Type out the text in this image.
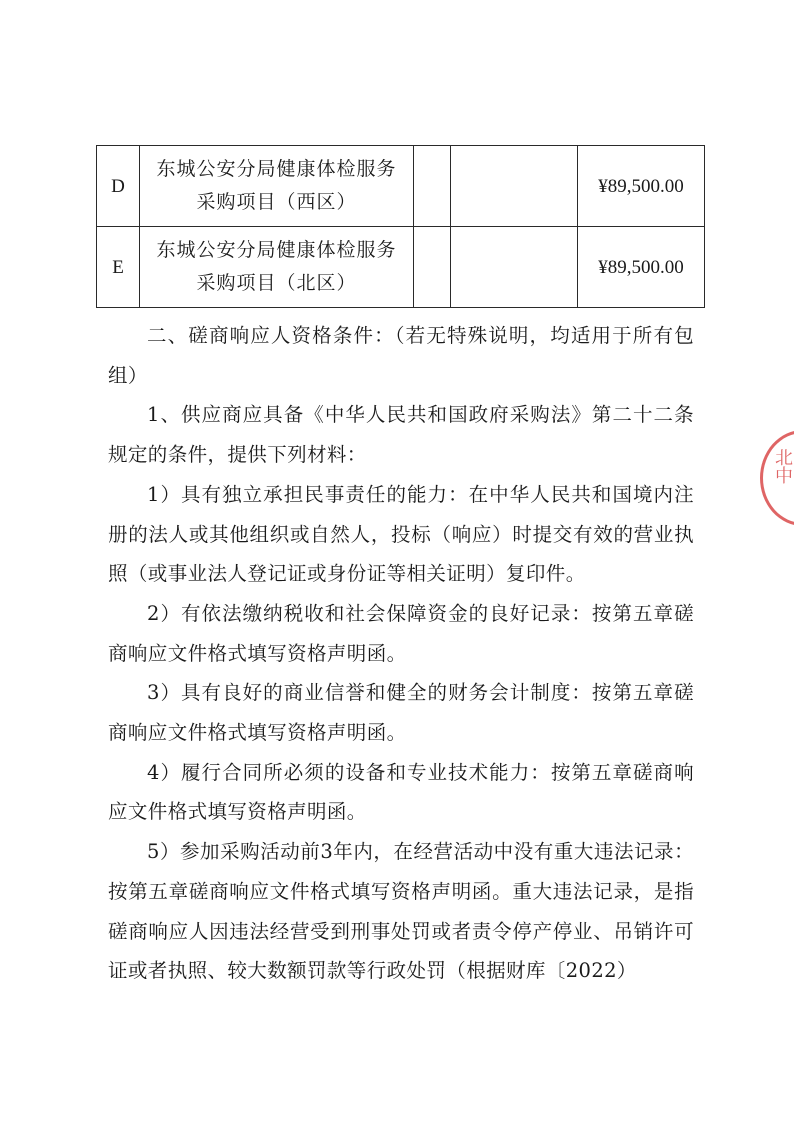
D	东城公安分局健康体检服务
采购项目（西区）			¥89,500.00
E	东城公安分局健康体检服务
采购项目（北区）			¥89,500.00

二、磋商响应人资格条件：（若无特殊说明，均适用于所有包组）

1、供应商应具备《中华人民共和国政府采购法》第二十二条规定的条件，提供下列材料：

1）具有独立承担民事责任的能力：在中华人民共和国境内注册的法人或其他组织或自然人，投标（响应）时提交有效的营业执照（或事业法人登记证或身份证等相关证明）复印件。

2）有依法缴纳税收和社会保障资金的良好记录：按第五章磋商响应文件格式填写资格声明函。

3）具有良好的商业信誉和健全的财务会计制度：按第五章磋商响应文件格式填写资格声明函。

4）履行合同所必须的设备和专业技术能力：按第五章磋商响应文件格式填写资格声明函。

5）参加采购活动前3年内，在经营活动中没有重大违法记录：按第五章磋商响应文件格式填写资格声明函。重大违法记录，是指磋商响应人因违法经营受到刑事处罚或者责令停产停业、吊销许可证或者执照、较大数额罚款等行政处罚（根据财库〔2022）

北中
